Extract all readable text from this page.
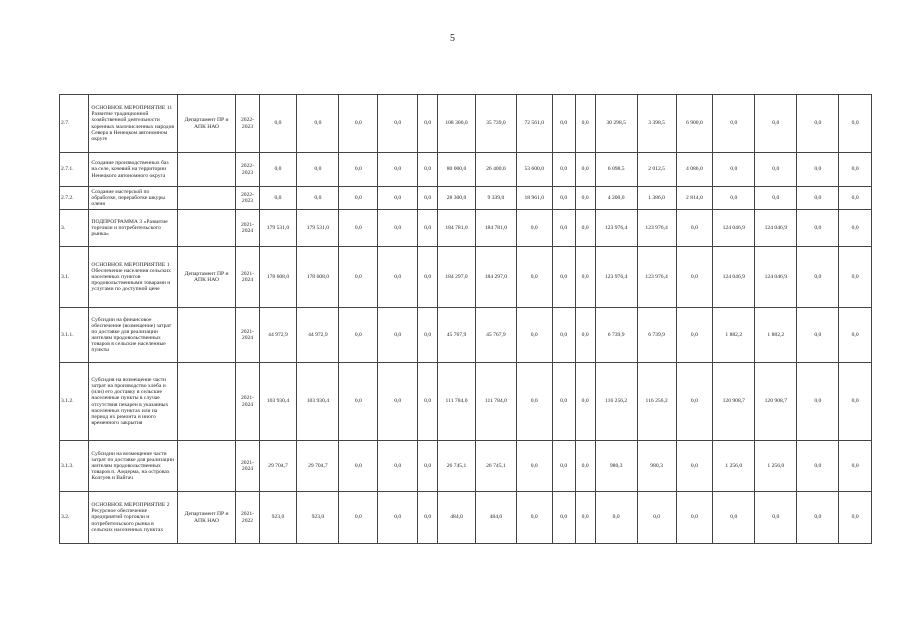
5
2.7.	ОСНОВНОЕ МЕРОПРИЯТИЕ 11 Развитие традиционной хозяйственной деятельности коренных малочисленных народов Севера в Ненецком автономном округе	Департамент ПР и АПК НАО	2022-2023	0,0	0,0	0,0	0,0	0,0	108 300,0	35 739,0	72 561,0	0,0	0,0	30 298,5	3 398,5	6 900,0	0,0	0,0	0,0	0,0
2.7.1.	Создание производственных баз на селе, кочевий на территории Ненецкого автономного округа		2022-2023	0,0	0,0	0,0	0,0	0,0	80 000,0	26 400,0	53 600,0	0,0	0,0	6 098,5	2 012,5	4 086,0	0,0	0,0	0,0	0,0
2.7.2.	Создание мастерской по обработке, переработке шкуры оленя		2022-2023	0,0	0,0	0,0	0,0	0,0	28 300,0	9 339,0	18 961,0	0,0	0,0	4 200,0	1 386,0	2 814,0	0,0	0,0	0,0	0,0
3.	ПОДПРОГРАММА 3 «Развитие торговли и потребительского рынка»		2021-2024	179 531,0	179 531,0	0,0	0,0	0,0	184 781,0	184 781,0	0,0	0,0	0,0	123 976,4	123 976,4	0,0	124 046,9	124 046,9	0,0	0,0
3.1.	ОСНОВНОЕ МЕРОПРИЯТИЕ 1 Обеспечение населения сельских населенных пунктов продовольственными товарами и услугами по доступной цене	Департамент ПР и АПК НАО	2021-2024	178 608,0	178 608,0	0,0	0,0	0,0	184 297,0	184 297,0	0,0	0,0	0,0	123 976,4	123 976,4	0,0	124 046,9	124 046,9	0,0	0,0
3.1.1.	Субсидии на финансовое обеспечение (возмещение) затрат по доставке для реализации жителям продовольственных товаров в сельские населенные пункты		2021-2024	44 972,9	44 972,9	0,0	0,0	0,0	45 767,9	45 767,9	0,0	0,0	0,0	6 739,9	6 739,9	0,0	1 882,2	1 882,2	0,0	0,0
3.1.2.	Субсидия на возмещение части затрат на производство хлеба и (или) его доставку в сельские населенные пункты в случае отсутствия пекарен в указанных населенных пунктах или на период их ремонта и иного временного закрытия		2021-2024	103 930,4	103 930,4	0,0	0,0	0,0	111 784,0	111 784,0	0,0	0,0	0,0	116 256,2	116 256,2	0,0	120 908,7	120 908,7	0,0	0,0
3.1.3.	Субсидии на возмещение части затрат по доставке для реализации жителям продовольственных товаров п. Амдерма, на островах Колгуев и Вайгач		2021-2024	29 704,7	29 704,7	0,0	0,0	0,0	26 745,1	26 745,1	0,0	0,0	0,0	980,3	980,3	0,0	1 256,0	1 256,0	0,0	0,0
3.2.	ОСНОВНОЕ МЕРОПРИЯТИЕ 2 Ресурсное обеспечение предприятий торговли и потребительского рынка в сельских населенных пунктах	Департамент ПР и АПК НАО	2021-2022	923,0	923,0	0,0	0,0	0,0	484,0	484,0	0,0	0,0	0,0	0,0	0,0	0,0	0,0	0,0	0,0	0,0
